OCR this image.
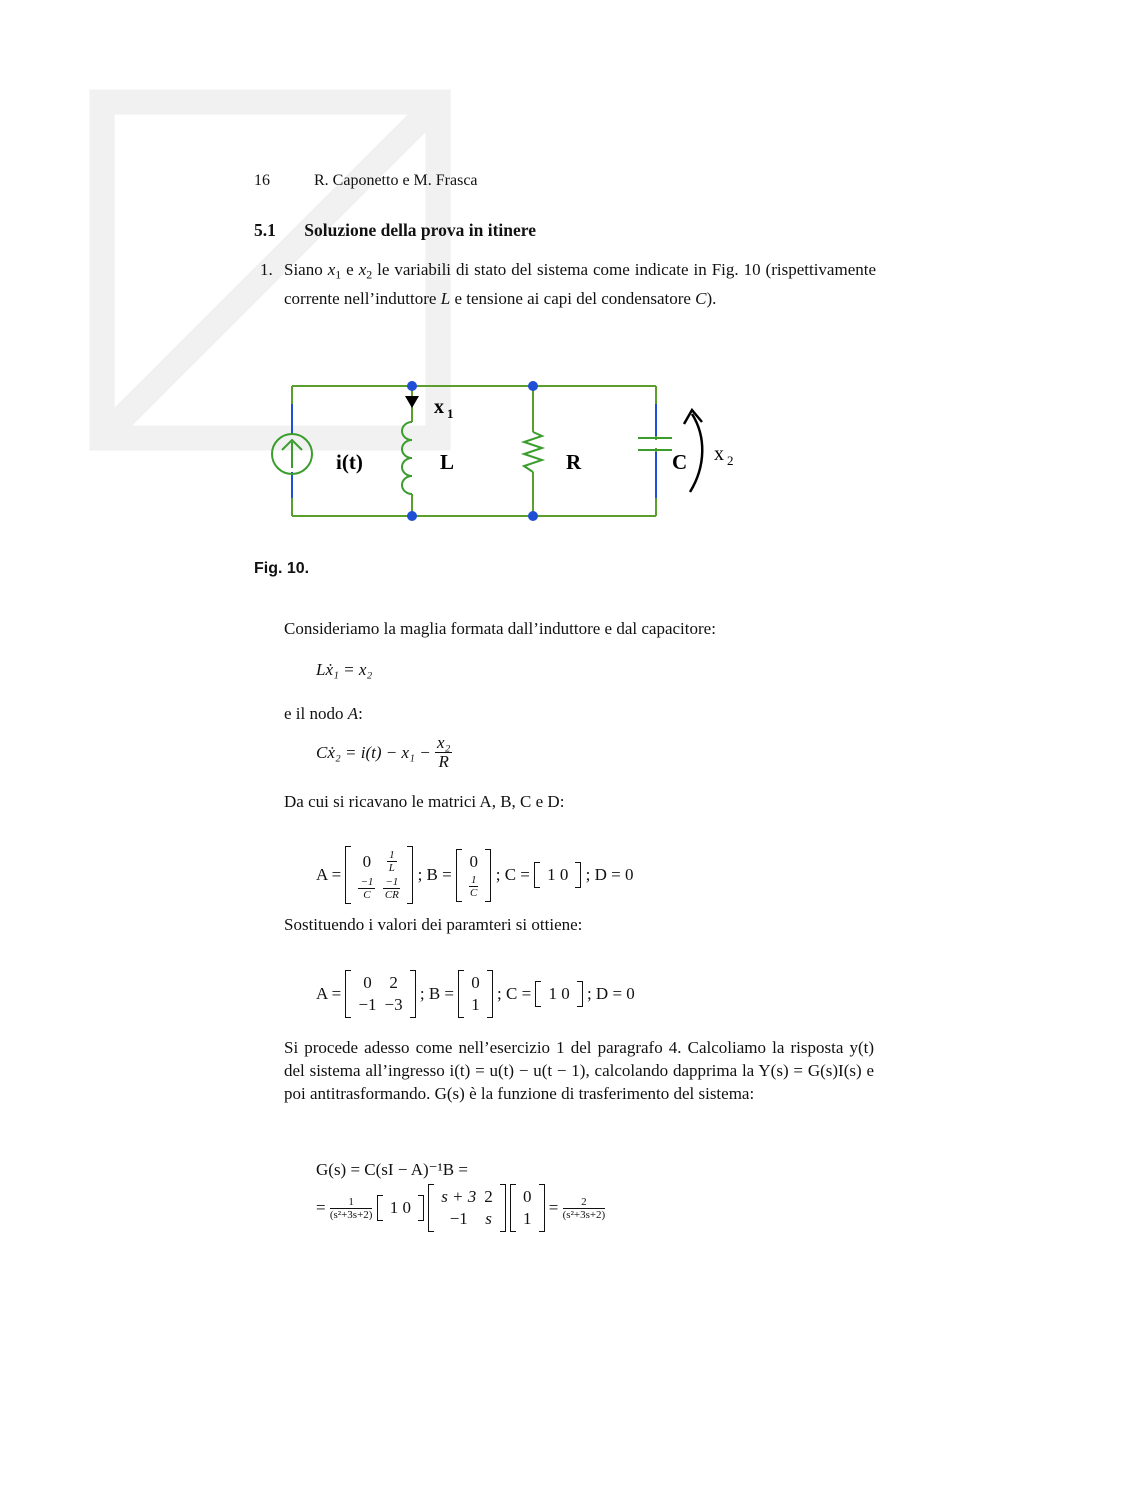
16	R. Caponetto e M. Frasca
5.1 Soluzione della prova in itinere
1. Siano $x_1$ e $x_2$ le variabili di stato del sistema come indicate in Fig. 10 (rispettivamente corrente nell’induttore L e tensione ai capi del condensatore C).
i(t)	L	R	C
x 1
x 2
Fig. 10.
Consideriamo la maglia formata dall’induttore e dal capacitore:
Lẋ₁ = x₂
e il nodo A:
Cẋ₂ = $i(t) - x_1 - \frac{\text{x₂}}{R}$
Da cui si ricavano le matrici A, B, C e D:
A =
0	$\frac{1}{L}$

$\frac{-1}{C}$	$\frac{-1}{CR}$
; B =
0

$\frac{1}{C}$ ; C = 1 0 ; D = 0
Sostituendo i valori dei paramteri si ottiene:
A =
0	2
−1	−3
; B =
0
1
; C = 1 0 ; D = 0
Si procede adesso come nell’esercizio 1 del paragrafo 4. Calcoliamo la risposta y(t) del sistema all’ingresso i(t) = u(t) − u(t − 1), calcolando dapprima la Y(s) = G(s)I(s) e poi antitrasformando. G(s) è la funzione di trasferimento del sistema:
G(s) = C(sI − A)⁻¹B =
= $\frac{1}{\text{(s²+3s+2)}}$
1 0

s + 3	2
−1	s

0
1
= $\frac{2}{\text{(s²+3s+2)}}$
